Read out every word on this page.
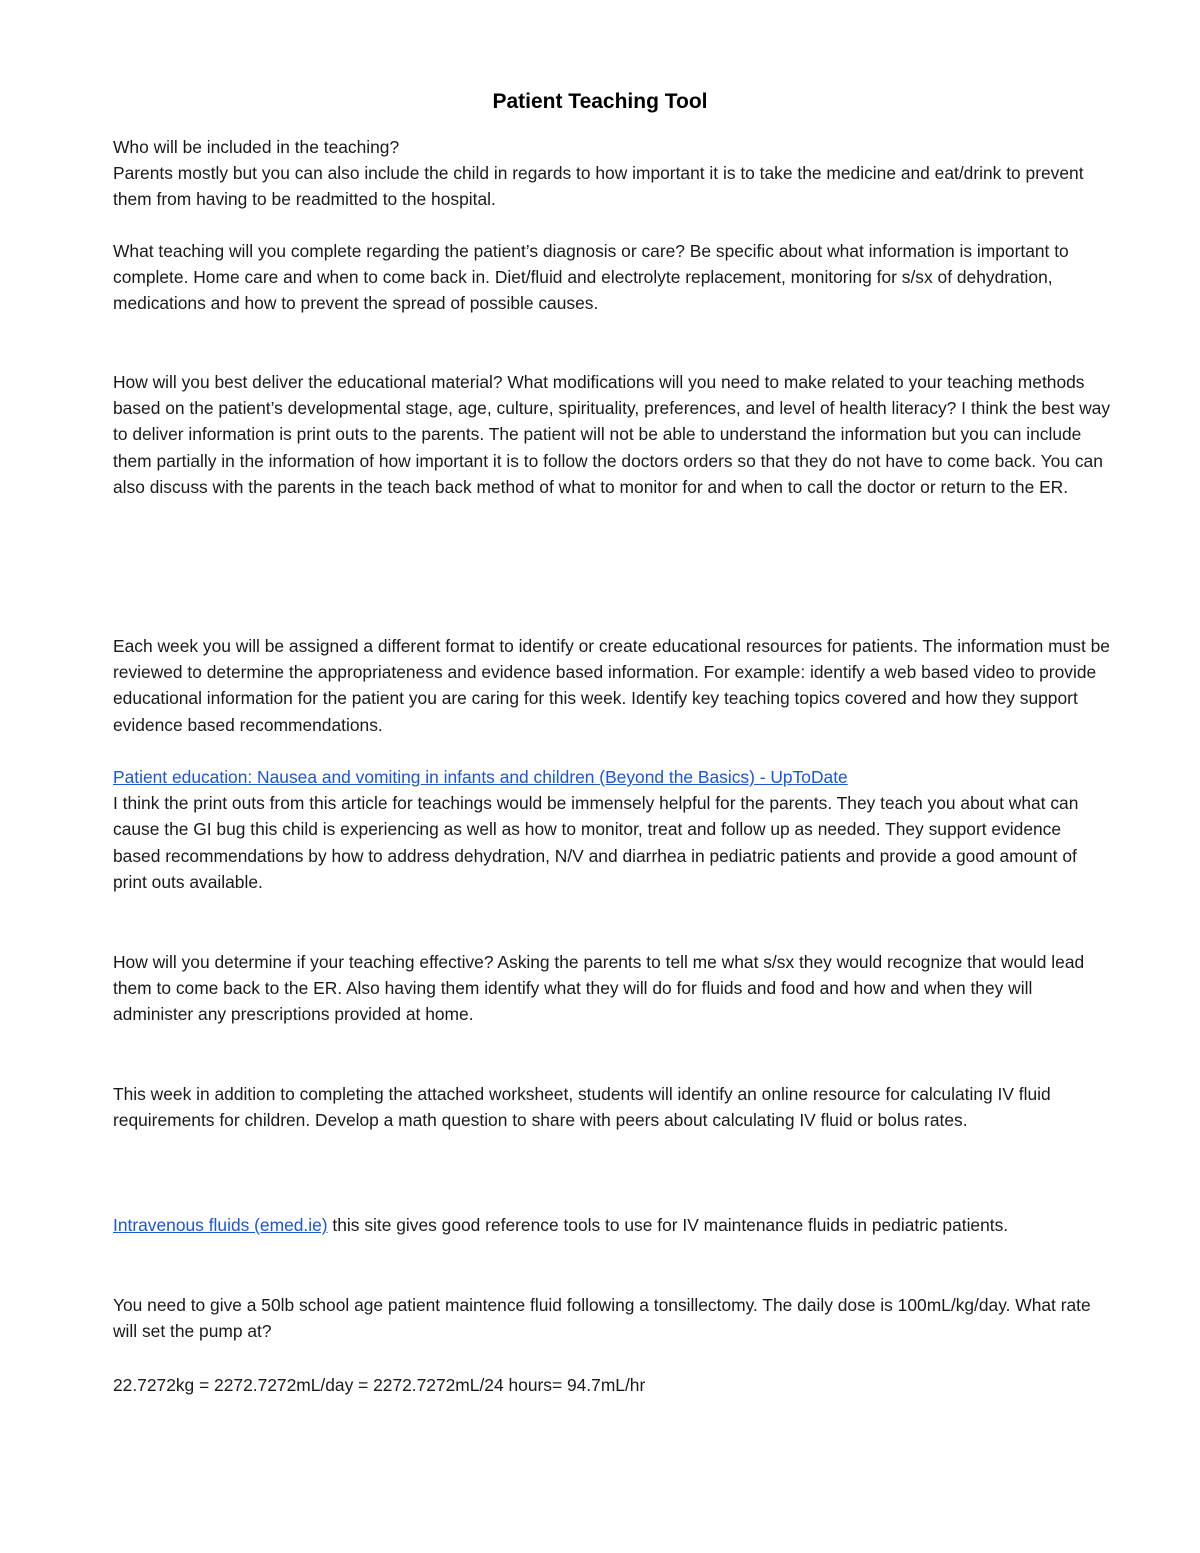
Patient Teaching Tool

Who will be included in the teaching?

Parents mostly but you can also include the child in regards to how important it is to take the medicine and eat/drink to prevent them from having to be readmitted to the hospital.

What teaching will you complete regarding the patient’s diagnosis or care? Be specific about what information is important to complete. Home care and when to come back in. Diet/fluid and electrolyte replacement, monitoring for s/sx of dehydration, medications and how to prevent the spread of possible causes.

How will you best deliver the educational material? What modifications will you need to make related to your teaching methods based on the patient’s developmental stage, age, culture, spirituality, preferences, and level of health literacy? I think the best way to deliver information is print outs to the parents. The patient will not be able to understand the information but you can include them partially in the information of how important it is to follow the doctors orders so that they do not have to come back. You can also discuss with the parents in the teach back method of what to monitor for and when to call the doctor or return to the ER.

Each week you will be assigned a different format to identify or create educational resources for patients. The information must be reviewed to determine the appropriateness and evidence based information. For example: identify a web based video to provide educational information for the patient you are caring for this week. Identify key teaching topics covered and how they support evidence based recommendations.

Patient education: Nausea and vomiting in infants and children (Beyond the Basics) - UpToDate

I think the print outs from this article for teachings would be immensely helpful for the parents. They teach you about what can cause the GI bug this child is experiencing as well as how to monitor, treat and follow up as needed. They support evidence based recommendations by how to address dehydration, N/V and diarrhea in pediatric patients and provide a good amount of print outs available.

How will you determine if your teaching effective? Asking the parents to tell me what s/sx they would recognize that would lead them to come back to the ER. Also having them identify what they will do for fluids and food and how and when they will administer any prescriptions provided at home.

This week in addition to completing the attached worksheet, students will identify an online resource for calculating IV fluid requirements for children. Develop a math question to share with peers about calculating IV fluid or bolus rates.

Intravenous fluids (emed.ie) this site gives good reference tools to use for IV maintenance fluids in pediatric patients.

You need to give a 50lb school age patient maintence fluid following a tonsillectomy. The daily dose is 100mL/kg/day. What rate will set the pump at?

22.7272kg = 2272.7272mL/day = 2272.7272mL/24 hours= 94.7mL/hr
